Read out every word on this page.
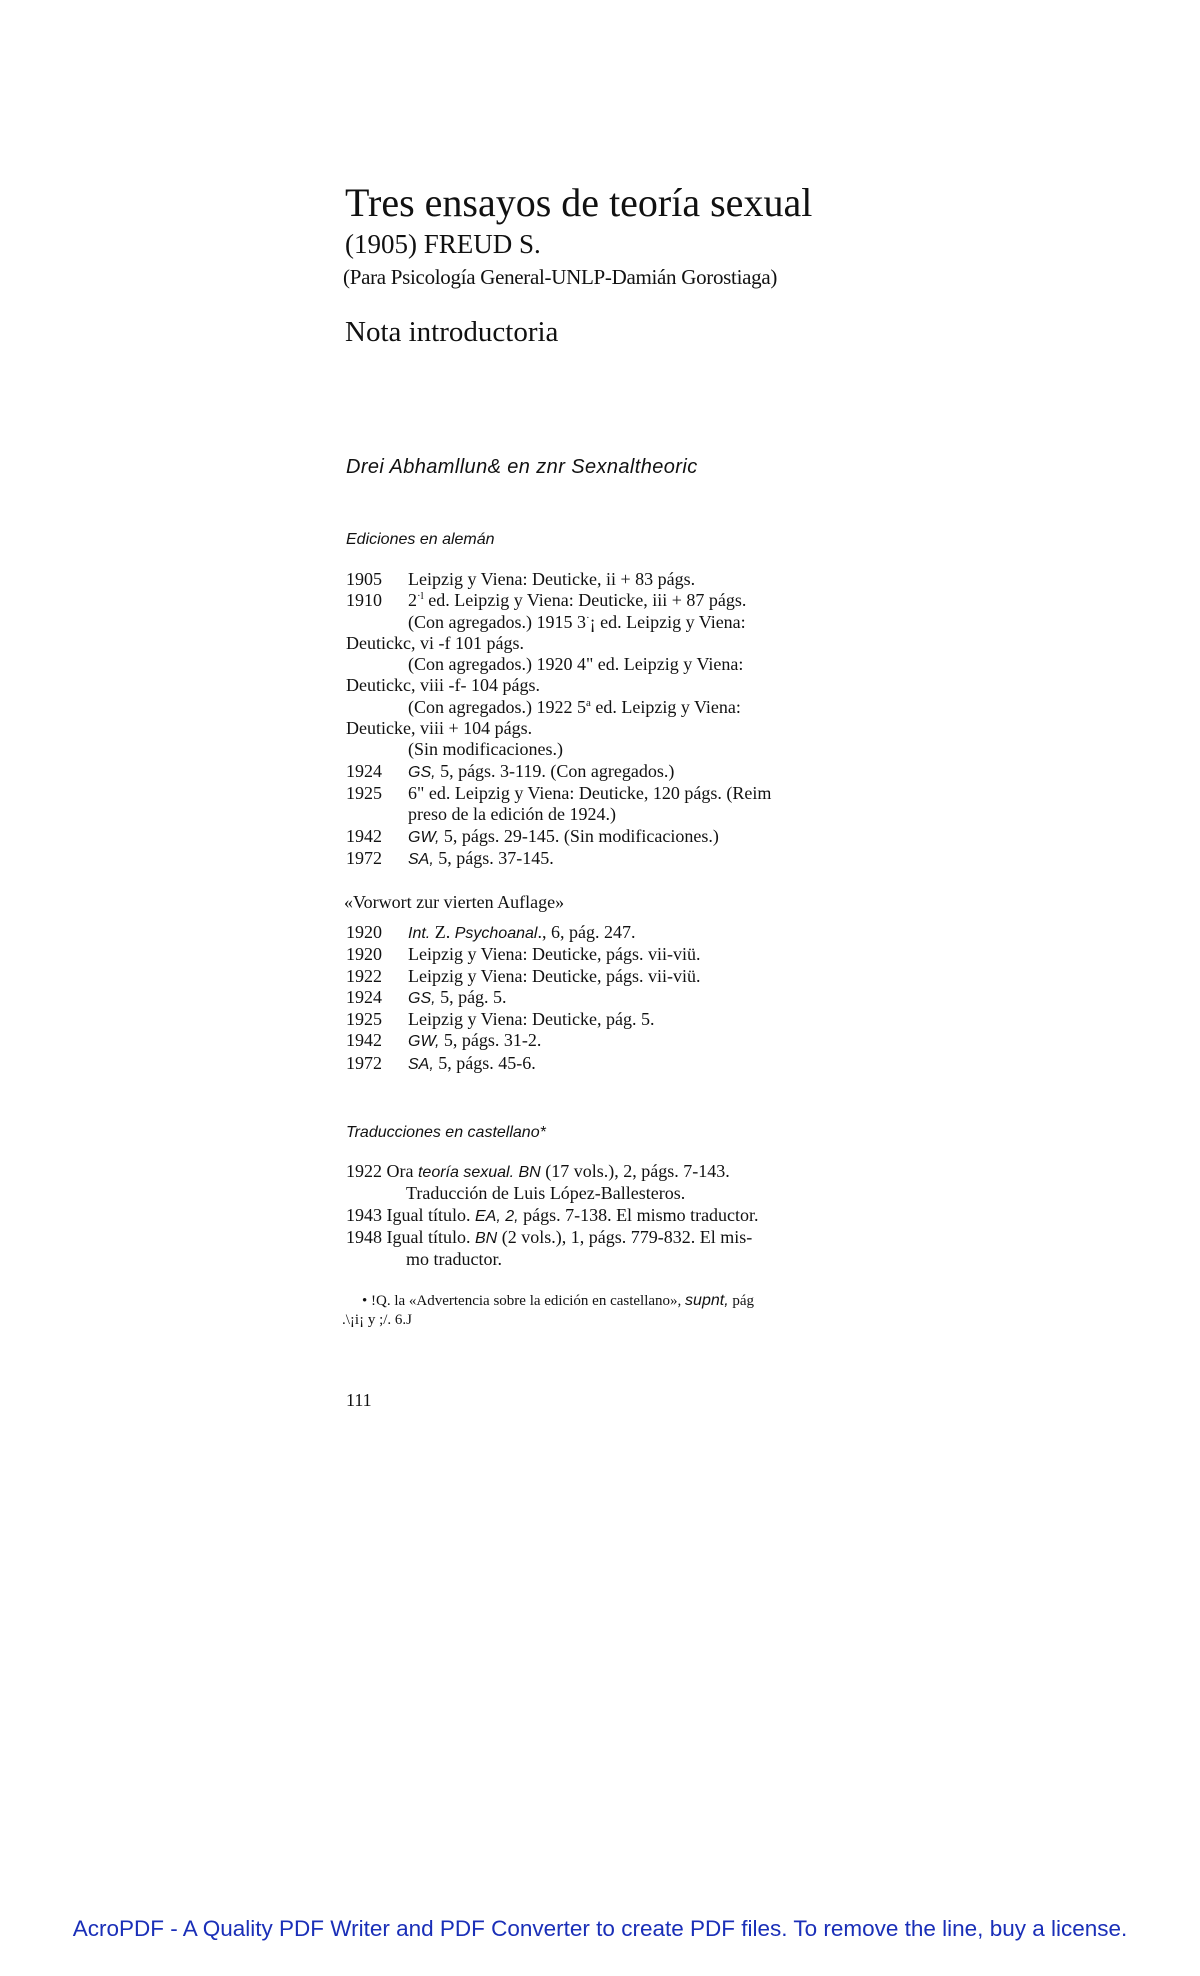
Tres ensayos de teoría sexual
(1905) FREUD S.
(Para Psicología General-UNLP-Damián Gorostiaga)
Nota introductoria
Drei Abhamllun& en znr Sexnaltheoric
Ediciones en alemán
1905	Leipzig y Viena: Deuticke, ii + 83 págs.
1910	$2^{\cdot l}$ ed. Leipzig y Viena: Deuticke, iii + 87 págs.
(Con agregados.) 1915 3·¡ ed. Leipzig y Viena:
Deutickc, vi -f 101 págs.
(Con agregados.) 1920 4" ed. Leipzig y Viena:
Deutickc, viii -f- 104 págs.
(Con agregados.) 1922 5$^a$ ed. Leipzig y Viena:
Deuticke, viii + 104 págs.
(Sin modificaciones.)
1924	GS, 5, págs. 3-119. (Con agregados.)
1925	6" ed. Leipzig y Viena: Deuticke, 120 págs. (Reim
preso de la edición de 1924.)
1942	GW, 5, págs. 29-145. (Sin modificaciones.)
1972	SA, 5, págs. 37-145.
«Vorwort zur vierten Auflage»
1920	Int. Z. Psychoanal., 6, pág. 247.
1920	Leipzig y Viena: Deuticke, págs. vii-viü.
1922	Leipzig y Viena: Deuticke, págs. vii-viü.
1924	GS, 5, pág. 5.
1925	Leipzig y Viena: Deuticke, pág. 5.
1942	GW, 5, págs. 31-2.
1972	SA, 5, págs. 45-6.
Traducciones en castellano*
1922 Ora teoría sexual. BN (17 vols.), 2, págs. 7-143.
Traducción de Luis López-Ballesteros.
1943 Igual título. EA, 2, págs. 7-138. El mismo traductor.
1948 Igual título. BN (2 vols.), 1, págs. 779-832. El mis-
mo traductor.
• !Q. la «Advertencia sobre la edición en castellano», supnt, pág
.\¡i¡ y ;/. 6.J
111
AcroPDF - A Quality PDF Writer and PDF Converter to create PDF files. To remove the line, buy a license.
